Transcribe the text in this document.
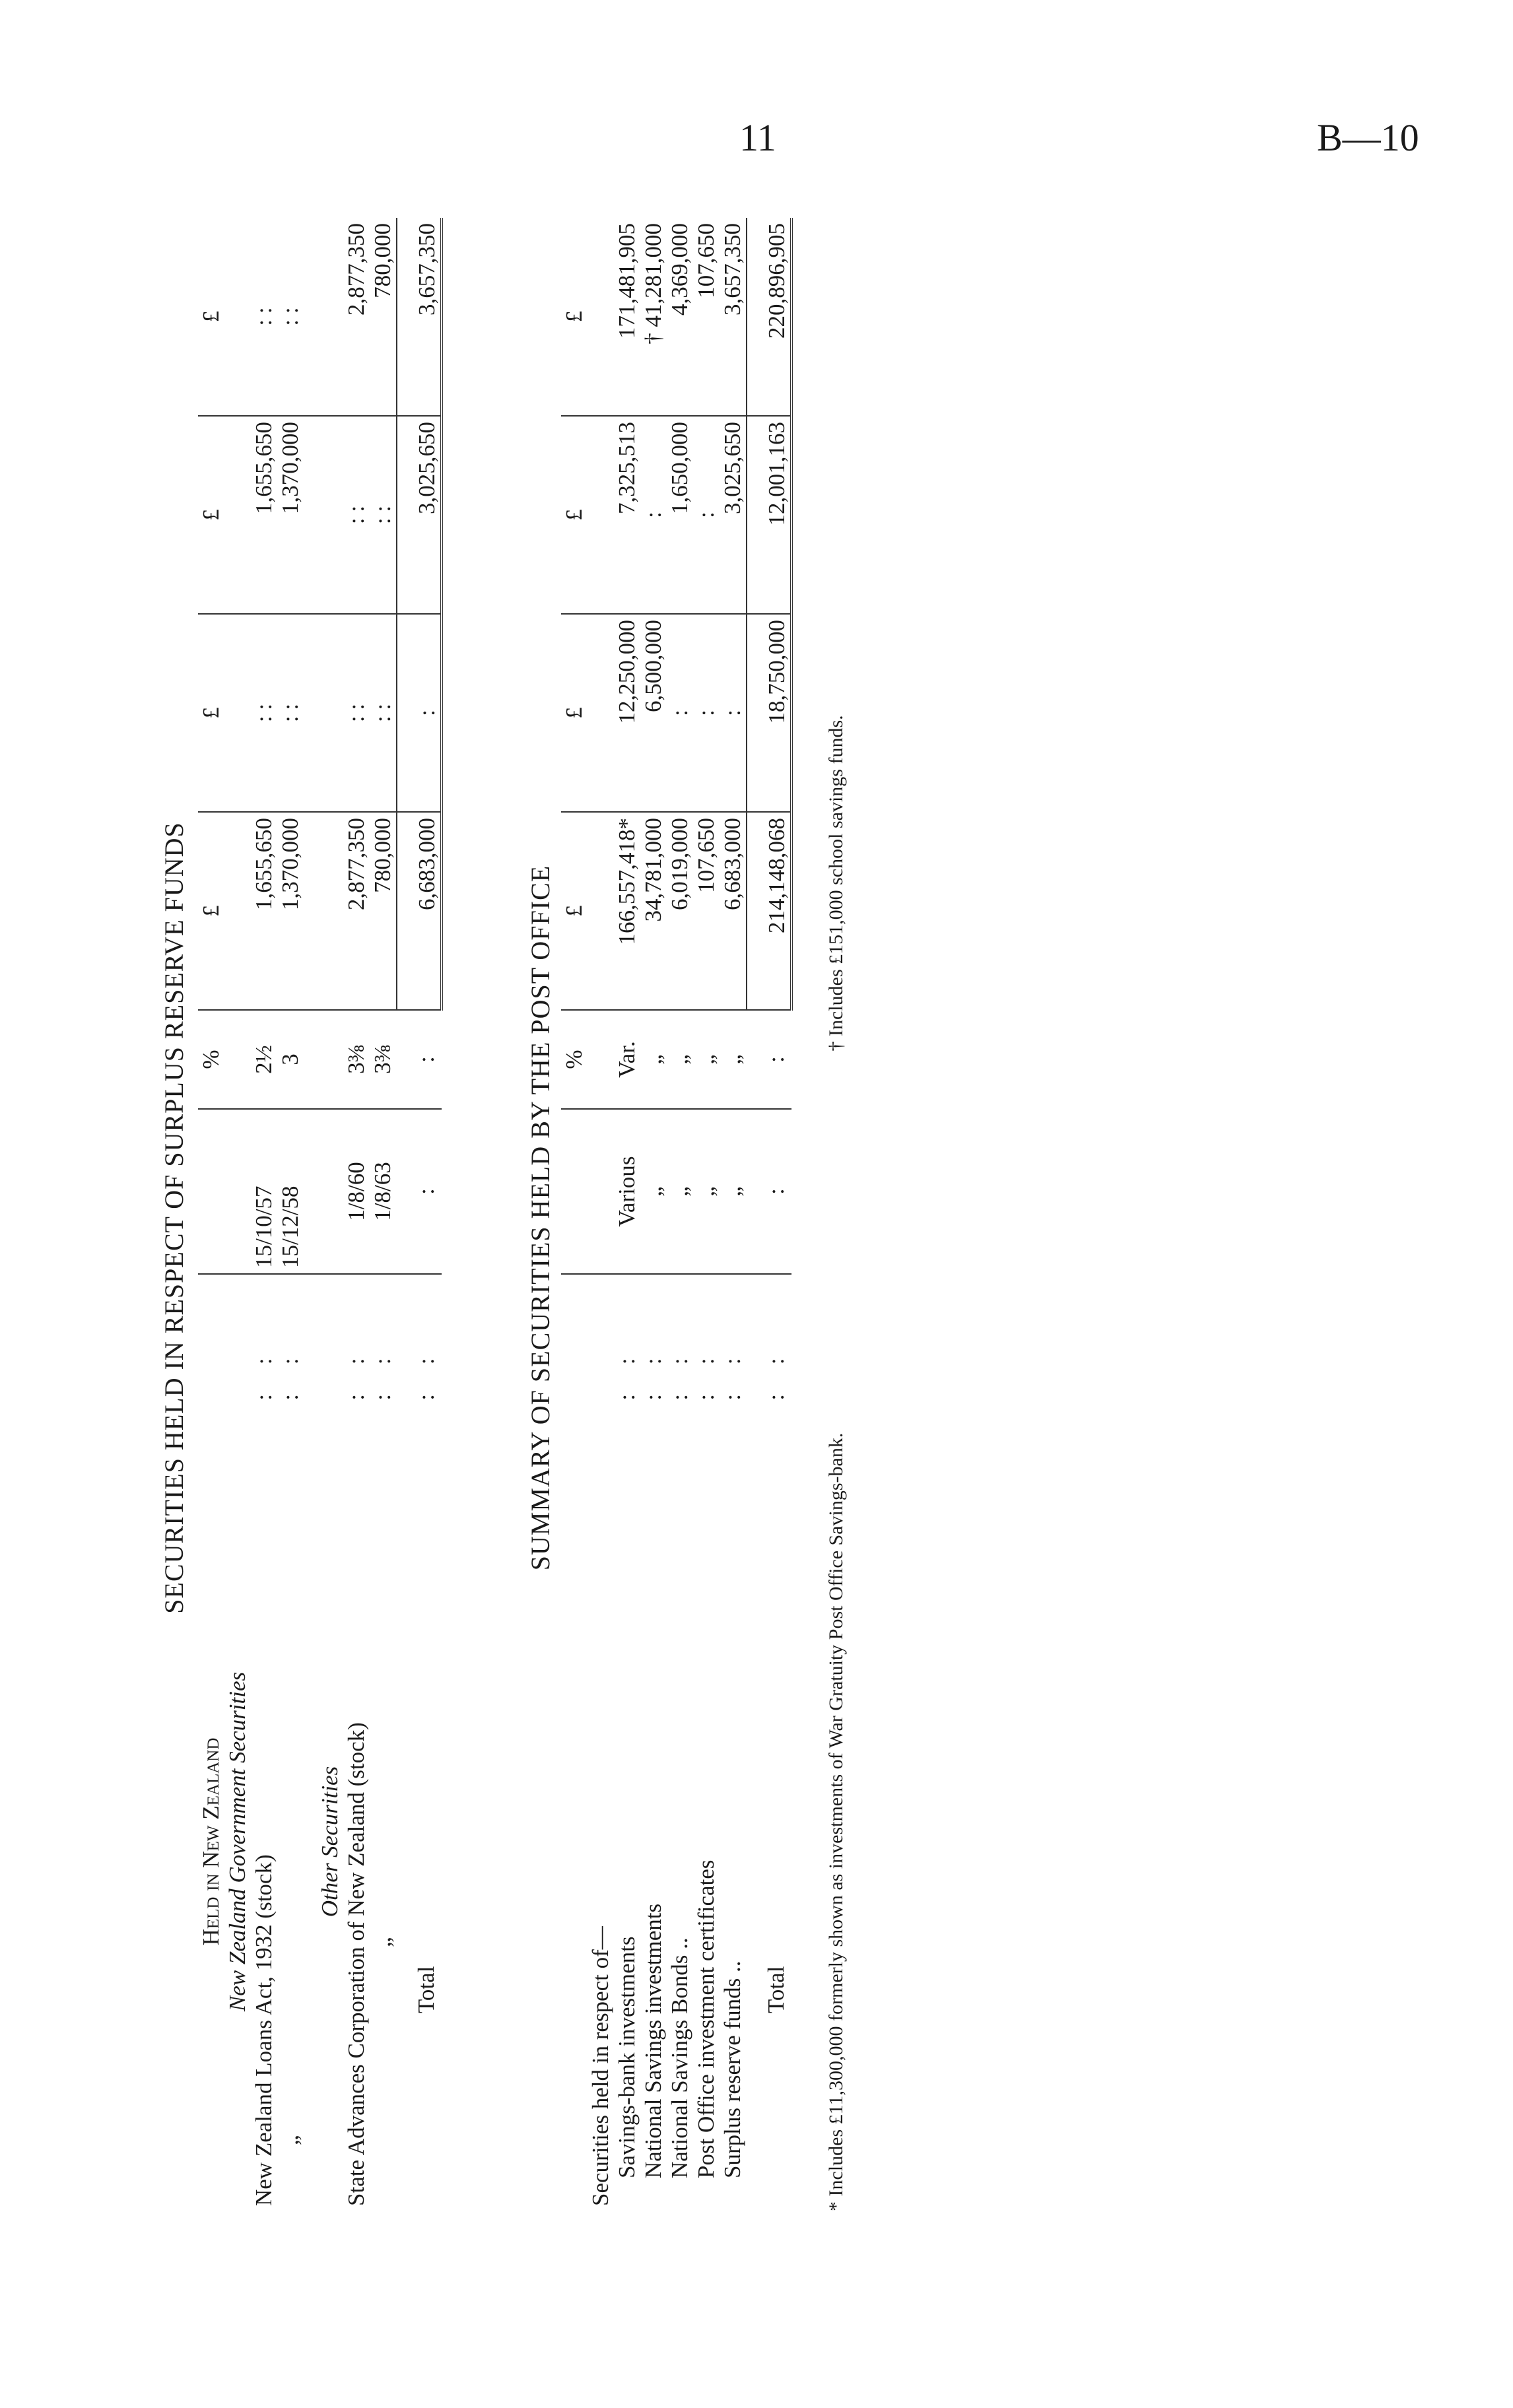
11	B—10
SECURITIES HELD IN RESPECT OF SURPLUS RESERVE FUNDS
Held in New Zealand			%	£	£	£	£
New Zealand Government Securities							
New Zealand Loans Act, 1932 (stock)	: :	15/10/57	2½	1,655,650	: :	1,655,650	: :
„	: :	15/12/58	3	1,370,000	: :	1,370,000	: :
Other Securities							
State Advances Corporation of New Zealand (stock)	: :	1/8/60	3⅜	2,877,350	: :	: :	2,877,350
„	: :	1/8/63	3⅜	780,000	: :	: :	780,000
Total	: :	:	:	6,683,000	:	3,025,650	3,657,350
SUMMARY OF SECURITIES HELD BY THE POST OFFICE
			%	£	£	£	£
Securities held in respect of—							
Savings-bank investments	: :	Various	Var.	166,557,418*	12,250,000	7,325,513	171,481,905
National Savings investments	: :	„	„	34,781,000	6,500,000	:	† 41,281,000
National Savings Bonds ..	: :	„	„	6,019,000	:	1,650,000	4,369,000
Post Office investment certificates	: :	„	„	107,650	:	:	107,650
Surplus reserve funds ..	: :	„	„	6,683,000	:	3,025,650	3,657,350
Total	: :	:	:	214,148,068	18,750,000	12,001,163	220,896,905
* Includes £11,300,000 formerly shown as investments of War Gratuity Post Office Savings-bank. † Includes £151,000 school savings funds.
